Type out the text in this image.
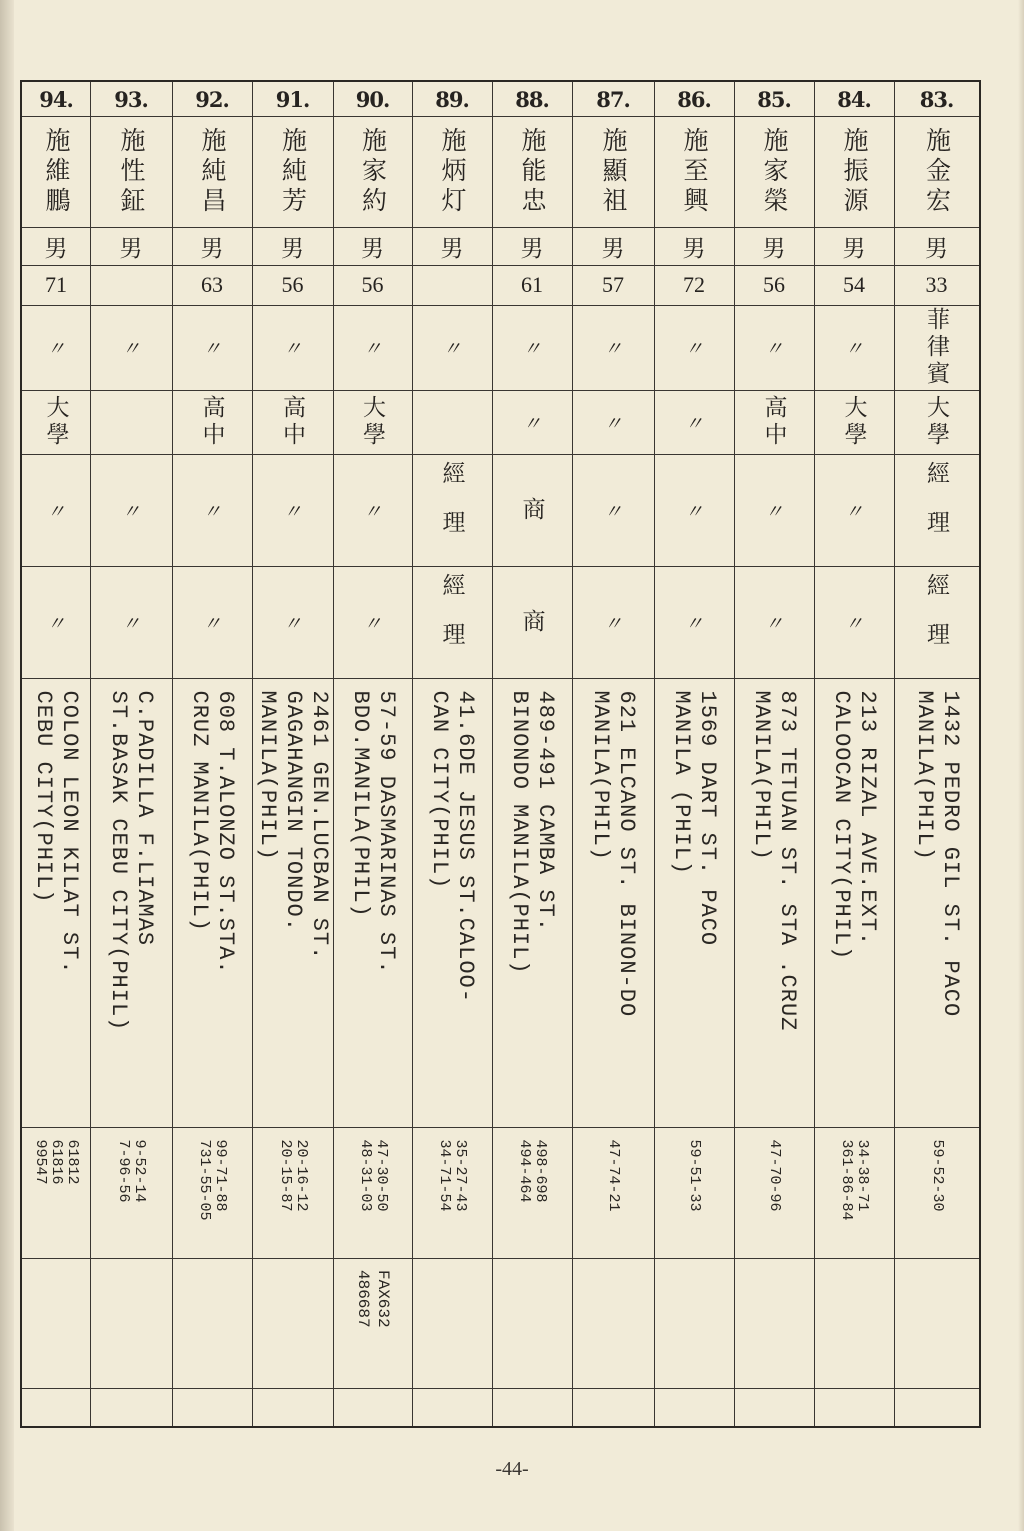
94.
施維鵬
男
71
〃
大學
〃
〃
COLON LEON KILAT ST.
CEBU CITY(PHIL)
61812
61816
99547
93.
施性鉦
男
〃
〃
〃
C.PADILLA F.LIAMAS
ST.BASAK CEBU CITY(PHIL)
9-52-14
7-96-56
92.
施純昌
男
63
〃
高中
〃
〃
608 T.ALONZO ST.STA.
CRUZ MANILA(PHIL)
99-71-88
731-55-05
91.
施純芳
男
56
〃
高中
〃
〃
2461 GEN.LUCBAN ST.
GAGAHANGIN TONDO.
MANILA(PHIL)
20-16-12
20-15-87
90.
施家約
男
56
〃
大學
〃
〃
57-59 DASMARINAS ST.
BDO.MANILA(PHIL)
47-30-50
48-31-03
FAX632
486687
89.
施炳灯
男
〃
經理
經理
41.6DE JESUS ST.CALOO-
CAN CITY(PHIL)
35-27-43
34-71-54
88.
施能忠
男
61
〃
〃
商
商
489-491 CAMBA ST.
BINONDO MANILA(PHIL)
498-698
494-464
87.
施顯祖
男
57
〃
〃
〃
〃
621 ELCANO ST. BINON-DO
MANILA(PHIL)
47-74-21
86.
施至興
男
72
〃
〃
〃
〃
1569 DART ST. PACO
MANILA (PHIL)
59-51-33
85.
施家榮
男
56
〃
高中
〃
〃
873 TETUAN ST. STA .CRUZ
MANILA(PHIL)
47-70-96
84.
施振源
男
54
〃
大學
〃
〃
213 RIZAL AVE.EXT.
CALOOCAN CITY(PHIL)
34-38-71
361-86-84
83.
施金宏
男
33
菲律賓
大學
經理
經理
1432 PEDRO GIL ST. PACO
MANILA(PHIL)
59-52-30
-44-
